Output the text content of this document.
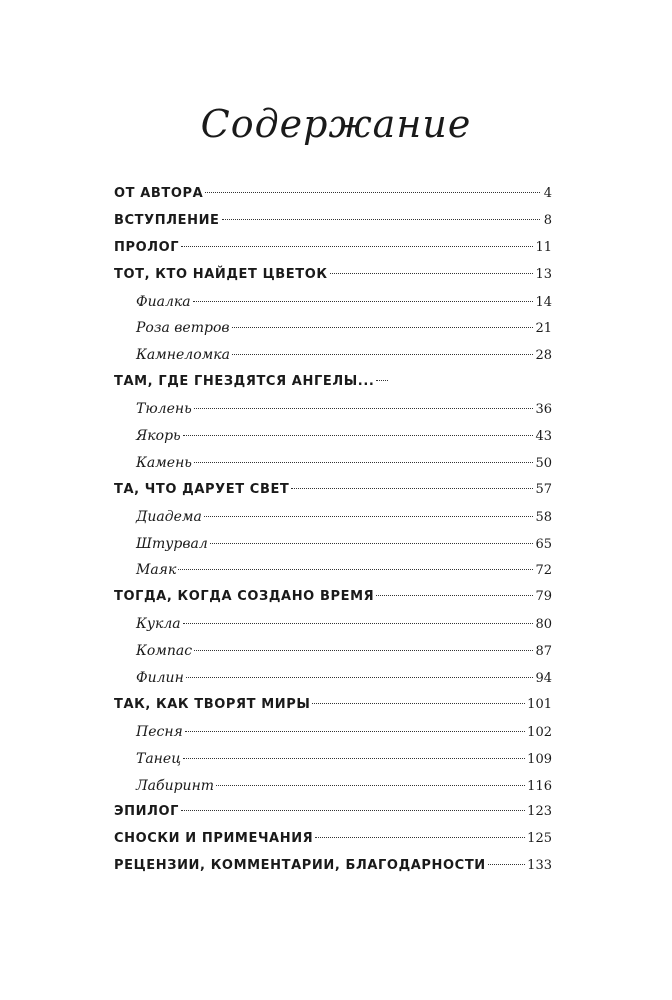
Содержание
ОТ АВТОРА	4
ВСТУПЛЕНИЕ	8
ПРОЛОГ	11
ТОТ, КТО НАЙДЕТ ЦВЕТОК	13
Фиалка	14
Роза ветров	21
Камнеломка	28
ТАМ, ГДЕ ГНЕЗДЯТСЯ АНГЕЛЫ...
Тюлень	36
Якорь	43
Камень	50
ТА, ЧТО ДАРУЕТ СВЕТ	57
Диадема	58
Штурвал	65
Маяк	72
ТОГДА, КОГДА СОЗДАНО ВРЕМЯ	79
Кукла	80
Компас	87
Филин	94
ТАК, КАК ТВОРЯТ МИРЫ	101
Песня	102
Танец	109
Лабиринт	116
ЭПИЛОГ	123
СНОСКИ И ПРИМЕЧАНИЯ	125
РЕЦЕНЗИИ, КОММЕНТАРИИ, БЛАГОДАРНОСТИ	133
